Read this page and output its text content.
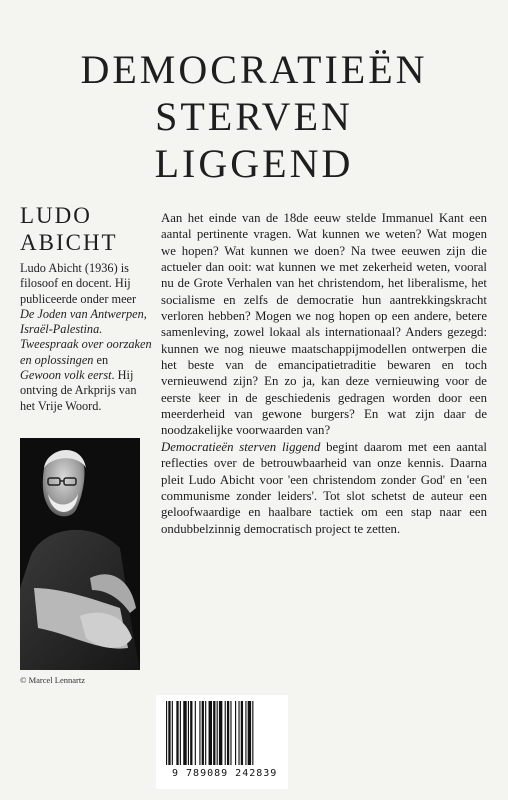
DEMOCRATIEËN
STERVEN
LIGGEND
LUDO
ABICHT
Ludo Abicht (1936) is filosoof en docent. Hij publiceerde onder meer De Joden van Antwerpen, Israël-Palestina. Tweespraak over oorzaken en oplossingen en Gewoon volk eerst. Hij ontving de Arkprijs van het Vrije Woord.
© Marcel Lennartz
Aan het einde van de 18de eeuw stelde Immanuel Kant een aantal pertinente vragen. Wat kunnen we weten? Wat mogen we hopen? Wat kunnen we doen? Na twee eeuwen zijn die actueler dan ooit: wat kunnen we met zekerheid weten, vooral nu de Grote Verhalen van het christendom, het liberalisme, het socialisme en zelfs de democratie hun aantrekkingskracht verloren hebben? Mogen we nog hopen op een andere, betere samenleving, zowel lokaal als internationaal? Anders gezegd: kunnen we nog nieuwe maatschappijmodellen ontwerpen die het beste van de emancipatietraditie bewaren en toch vernieuwend zijn? En zo ja, kan deze vernieuwing voor de eerste keer in de geschiedenis gedragen worden door een meerderheid van gewone burgers? En wat zijn daar de noodzakelijke voorwaarden van?
Democratieën sterven liggend begint daarom met een aantal reflecties over de betrouwbaarheid van onze kennis. Daarna pleit Ludo Abicht voor 'een christendom zonder God' en 'een communisme zonder leiders'. Tot slot schetst de auteur een geloofwaardige en haalbare tactiek om een stap naar een ondubbelzinnig democratisch project te zetten.
9 789089 242839
